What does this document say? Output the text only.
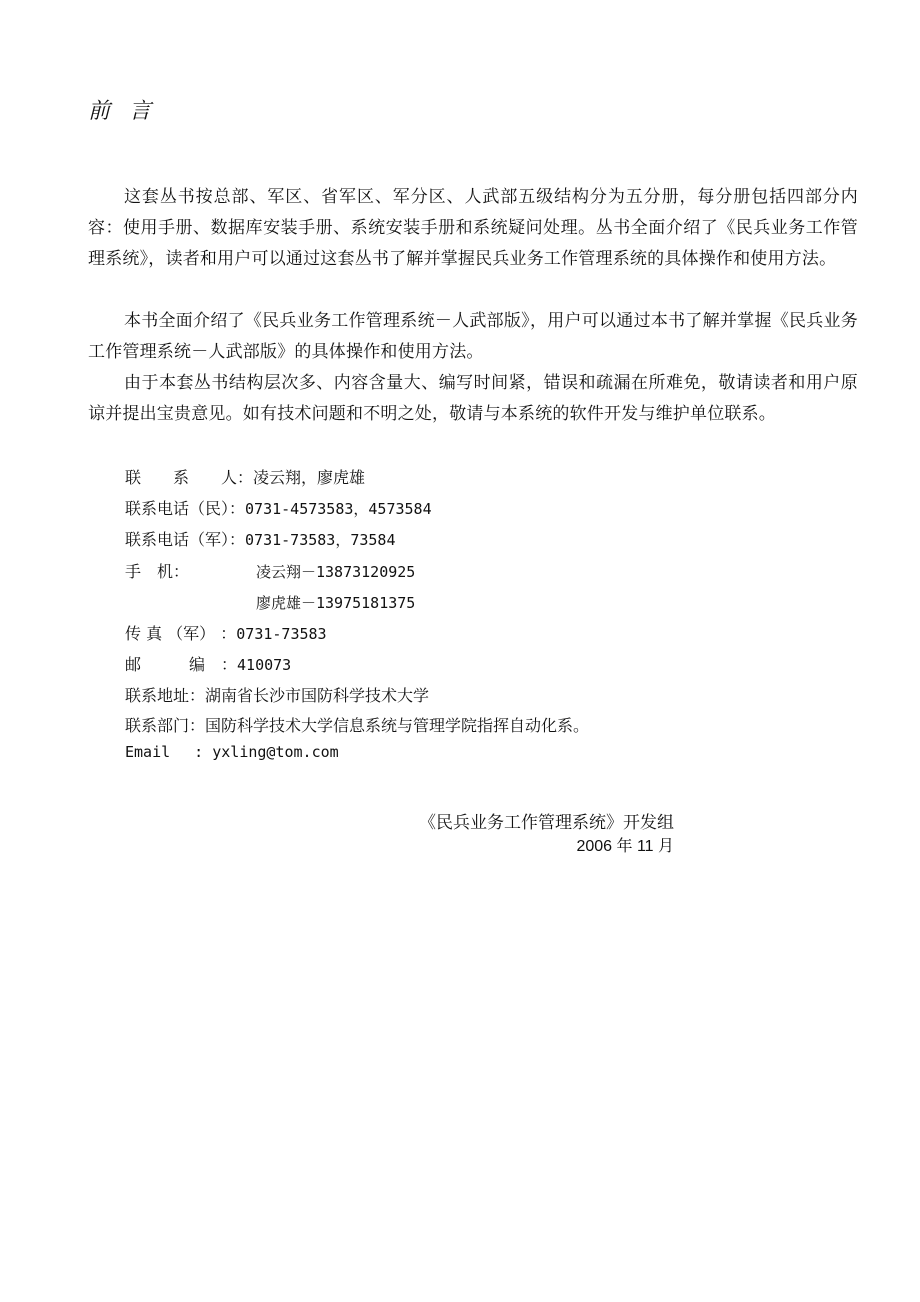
前 言

这套丛书按总部、军区、省军区、军分区、人武部五级结构分为五分册，每分册包括四部分内容：使用手册、数据库安装手册、系统安装手册和系统疑问处理。丛书全面介绍了《民兵业务工作管理系统》，读者和用户可以通过这套丛书了解并掌握民兵业务工作管理系统的具体操作和使用方法。

本书全面介绍了《民兵业务工作管理系统－人武部版》，用户可以通过本书了解并掌握《民兵业务工作管理系统－人武部版》的具体操作和使用方法。

由于本套丛书结构层次多、内容含量大、编写时间紧，错误和疏漏在所难免，敬请读者和用户原谅并提出宝贵意见。如有技术问题和不明之处，敬请与本系统的软件开发与维护单位联系。

联　　系　　人：凌云翔，廖虎雄
联系电话（民）：0731-4573583，4573584
联系电话（军）：0731-73583，73584
手　机：	凌云翔－13873120925
廖虎雄－13975181375
传 真 （军） ：0731-73583
邮　　　编　：410073
联系地址：湖南省长沙市国防科学技术大学
联系部门：国防科学技术大学信息系统与管理学院指挥自动化系。
Email　 : yxling@tom.com
《民兵业务工作管理系统》开发组
2006 年 11 月
